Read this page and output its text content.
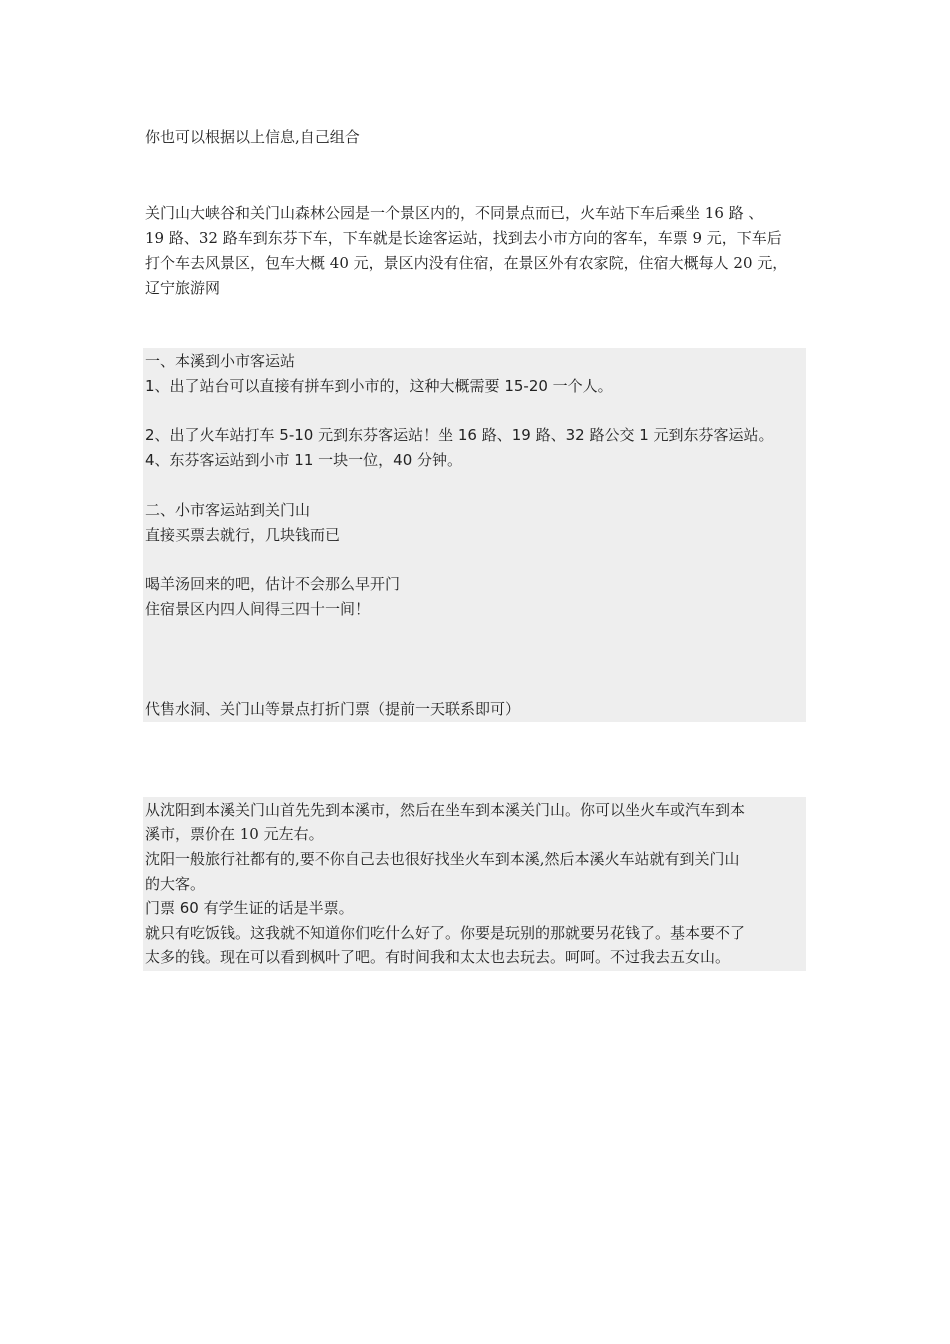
你也可以根据以上信息,自己组合
关门山大峡谷和关门山森林公园是一个景区内的，不同景点而已，火车站下车后乘坐 16 路 、
19 路、32 路车到东芬下车，下车就是长途客运站，找到去小市方向的客车，车票 9 元，下车后
打个车去风景区，包车大概 40 元，景区内没有住宿，在景区外有农家院，住宿大概每人 20 元，
辽宁旅游网
一、本溪到小市客运站
1、出了站台可以直接有拼车到小市的，这种大概需要 15-20 一个人。
2、出了火车站打车 5-10 元到东芬客运站！坐 16 路、19 路、32 路公交 1 元到东芬客运站。
4、东芬客运站到小市 11 一块一位，40 分钟。
二、小市客运站到关门山
直接买票去就行，几块钱而已
喝羊汤回来的吧，估计不会那么早开门
住宿景区内四人间得三四十一间！
代售水洞、关门山等景点打折门票（提前一天联系即可）
从沈阳到本溪关门山首先先到本溪市，然后在坐车到本溪关门山。你可以坐火车或汽车到本
溪市，票价在 10 元左右。
沈阳一般旅行社都有的,要不你自己去也很好找坐火车到本溪,然后本溪火车站就有到关门山
的大客。
门票 60 有学生证的话是半票。
就只有吃饭钱。这我就不知道你们吃什么好了。你要是玩别的那就要另花钱了。基本要不了
太多的钱。现在可以看到枫叶了吧。有时间我和太太也去玩去。呵呵。不过我去五女山。
